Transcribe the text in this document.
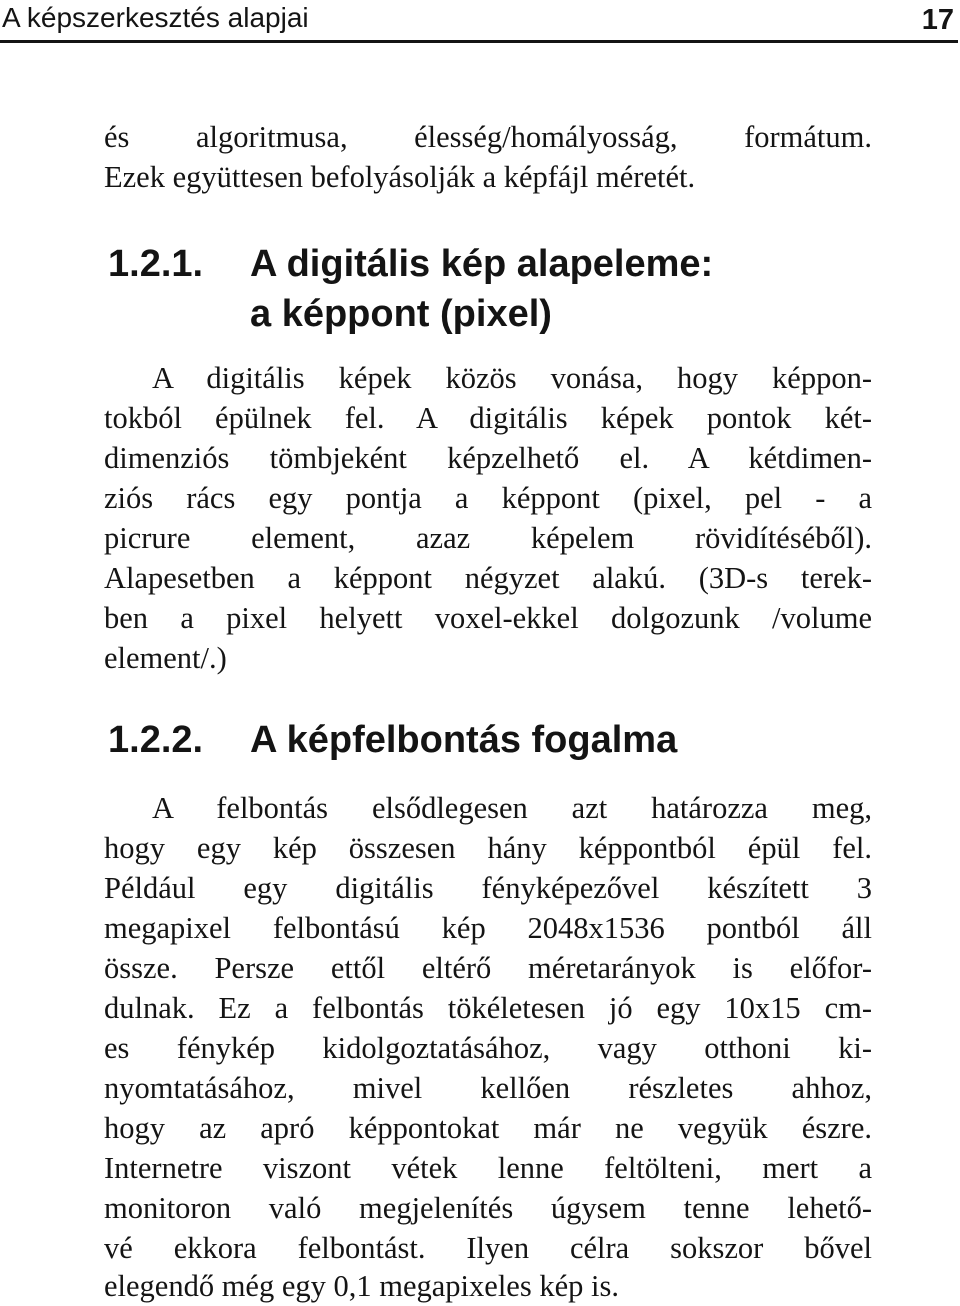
A képszerkesztés alapjai	17
és algoritmusa, élesség/homályosság, formátum.
Ezek együttesen befolyásolják a képfájl méretét.
1.2.1. A digitális kép alapeleme:
a képpont (pixel)
A digitális képek közös vonása, hogy képpon-
tokból épülnek fel. A digitális képek pontok két-
dimenziós tömbjeként képzelhető el. A kétdimen-
ziós rács egy pontja a képpont (pixel, pel - a
picrure element, azaz képelem rövidítéséből).
Alapesetben a képpont négyzet alakú. (3D-s terek-
ben a pixel helyett voxel-ekkel dolgozunk /volume
element/.)
1.2.2. A képfelbontás fogalma
A felbontás elsődlegesen azt határozza meg,
hogy egy kép összesen hány képpontból épül fel.
Például egy digitális fényképezővel készített 3
megapixel felbontású kép 2048x1536 pontból áll
össze. Persze ettől eltérő méretarányok is előfor-
dulnak. Ez a felbontás tökéletesen jó egy 10x15 cm-
es fénykép kidolgoztatásához, vagy otthoni ki-
nyomtatásához, mivel kellően részletes ahhoz,
hogy az apró képpontokat már ne vegyük észre.
Internetre viszont vétek lenne feltölteni, mert a
monitoron való megjelenítés úgysem tenne lehető-
vé ekkora felbontást. Ilyen célra sokszor bővel
elegendő még egy 0,1 megapixeles kép is.
